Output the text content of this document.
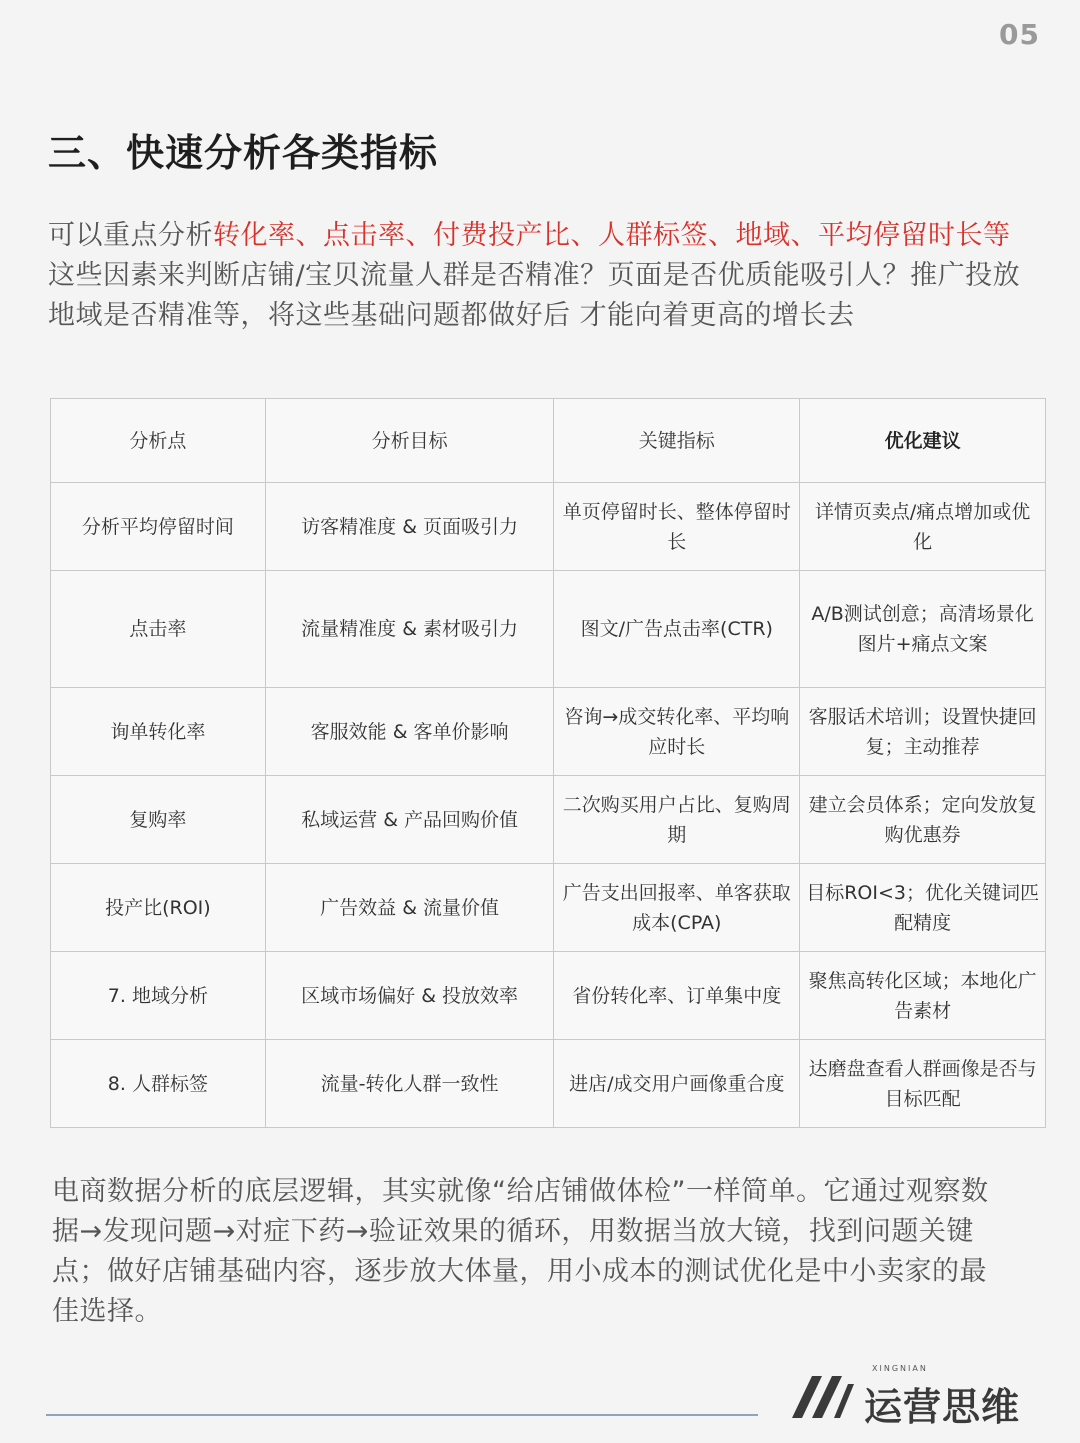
05
三、快速分析各类指标

可以重点分析转化率、点击率、付费投产比、人群标签、地域、平均停留时长等这些因素来判断店铺/宝贝流量人群是否精准？页面是否优质能吸引人？推广投放地域是否精准等，将这些基础问题都做好后 才能向着更高的增长去

分析点	分析目标	关键指标	优化建议
分析平均停留时间	访客精准度 & 页面吸引力	单页停留时长、整体停留时长	详情页卖点/痛点增加或优化
点击率	流量精准度 & 素材吸引力	图文/广告点击率(CTR)	A/B测试创意；高清场景化图片+痛点文案
询单转化率	客服效能 & 客单价影响	咨询→成交转化率、平均响应时长	客服话术培训；设置快捷回复；主动推荐
复购率	私域运营 & 产品回购价值	二次购买用户占比、复购周期	建立会员体系；定向发放复购优惠券
投产比(ROI)	广告效益 & 流量价值	广告支出回报率、单客获取成本(CPA)	目标ROI<3；优化关键词匹配精度
7. 地域分析	区域市场偏好 & 投放效率	省份转化率、订单集中度	聚焦高转化区域；本地化广告素材
8. 人群标签	流量-转化人群一致性	进店/成交用户画像重合度	达磨盘查看人群画像是否与目标匹配

电商数据分析的底层逻辑，其实就像“给店铺做体检”一样简单。它通过观察数据→发现问题→对症下药→验证效果的循环，用数据当放大镜，找到问题关键点；做好店铺基础内容，逐步放大体量，用小成本的测试优化是中小卖家的最佳选择。

XINGNIAN
运营思维
